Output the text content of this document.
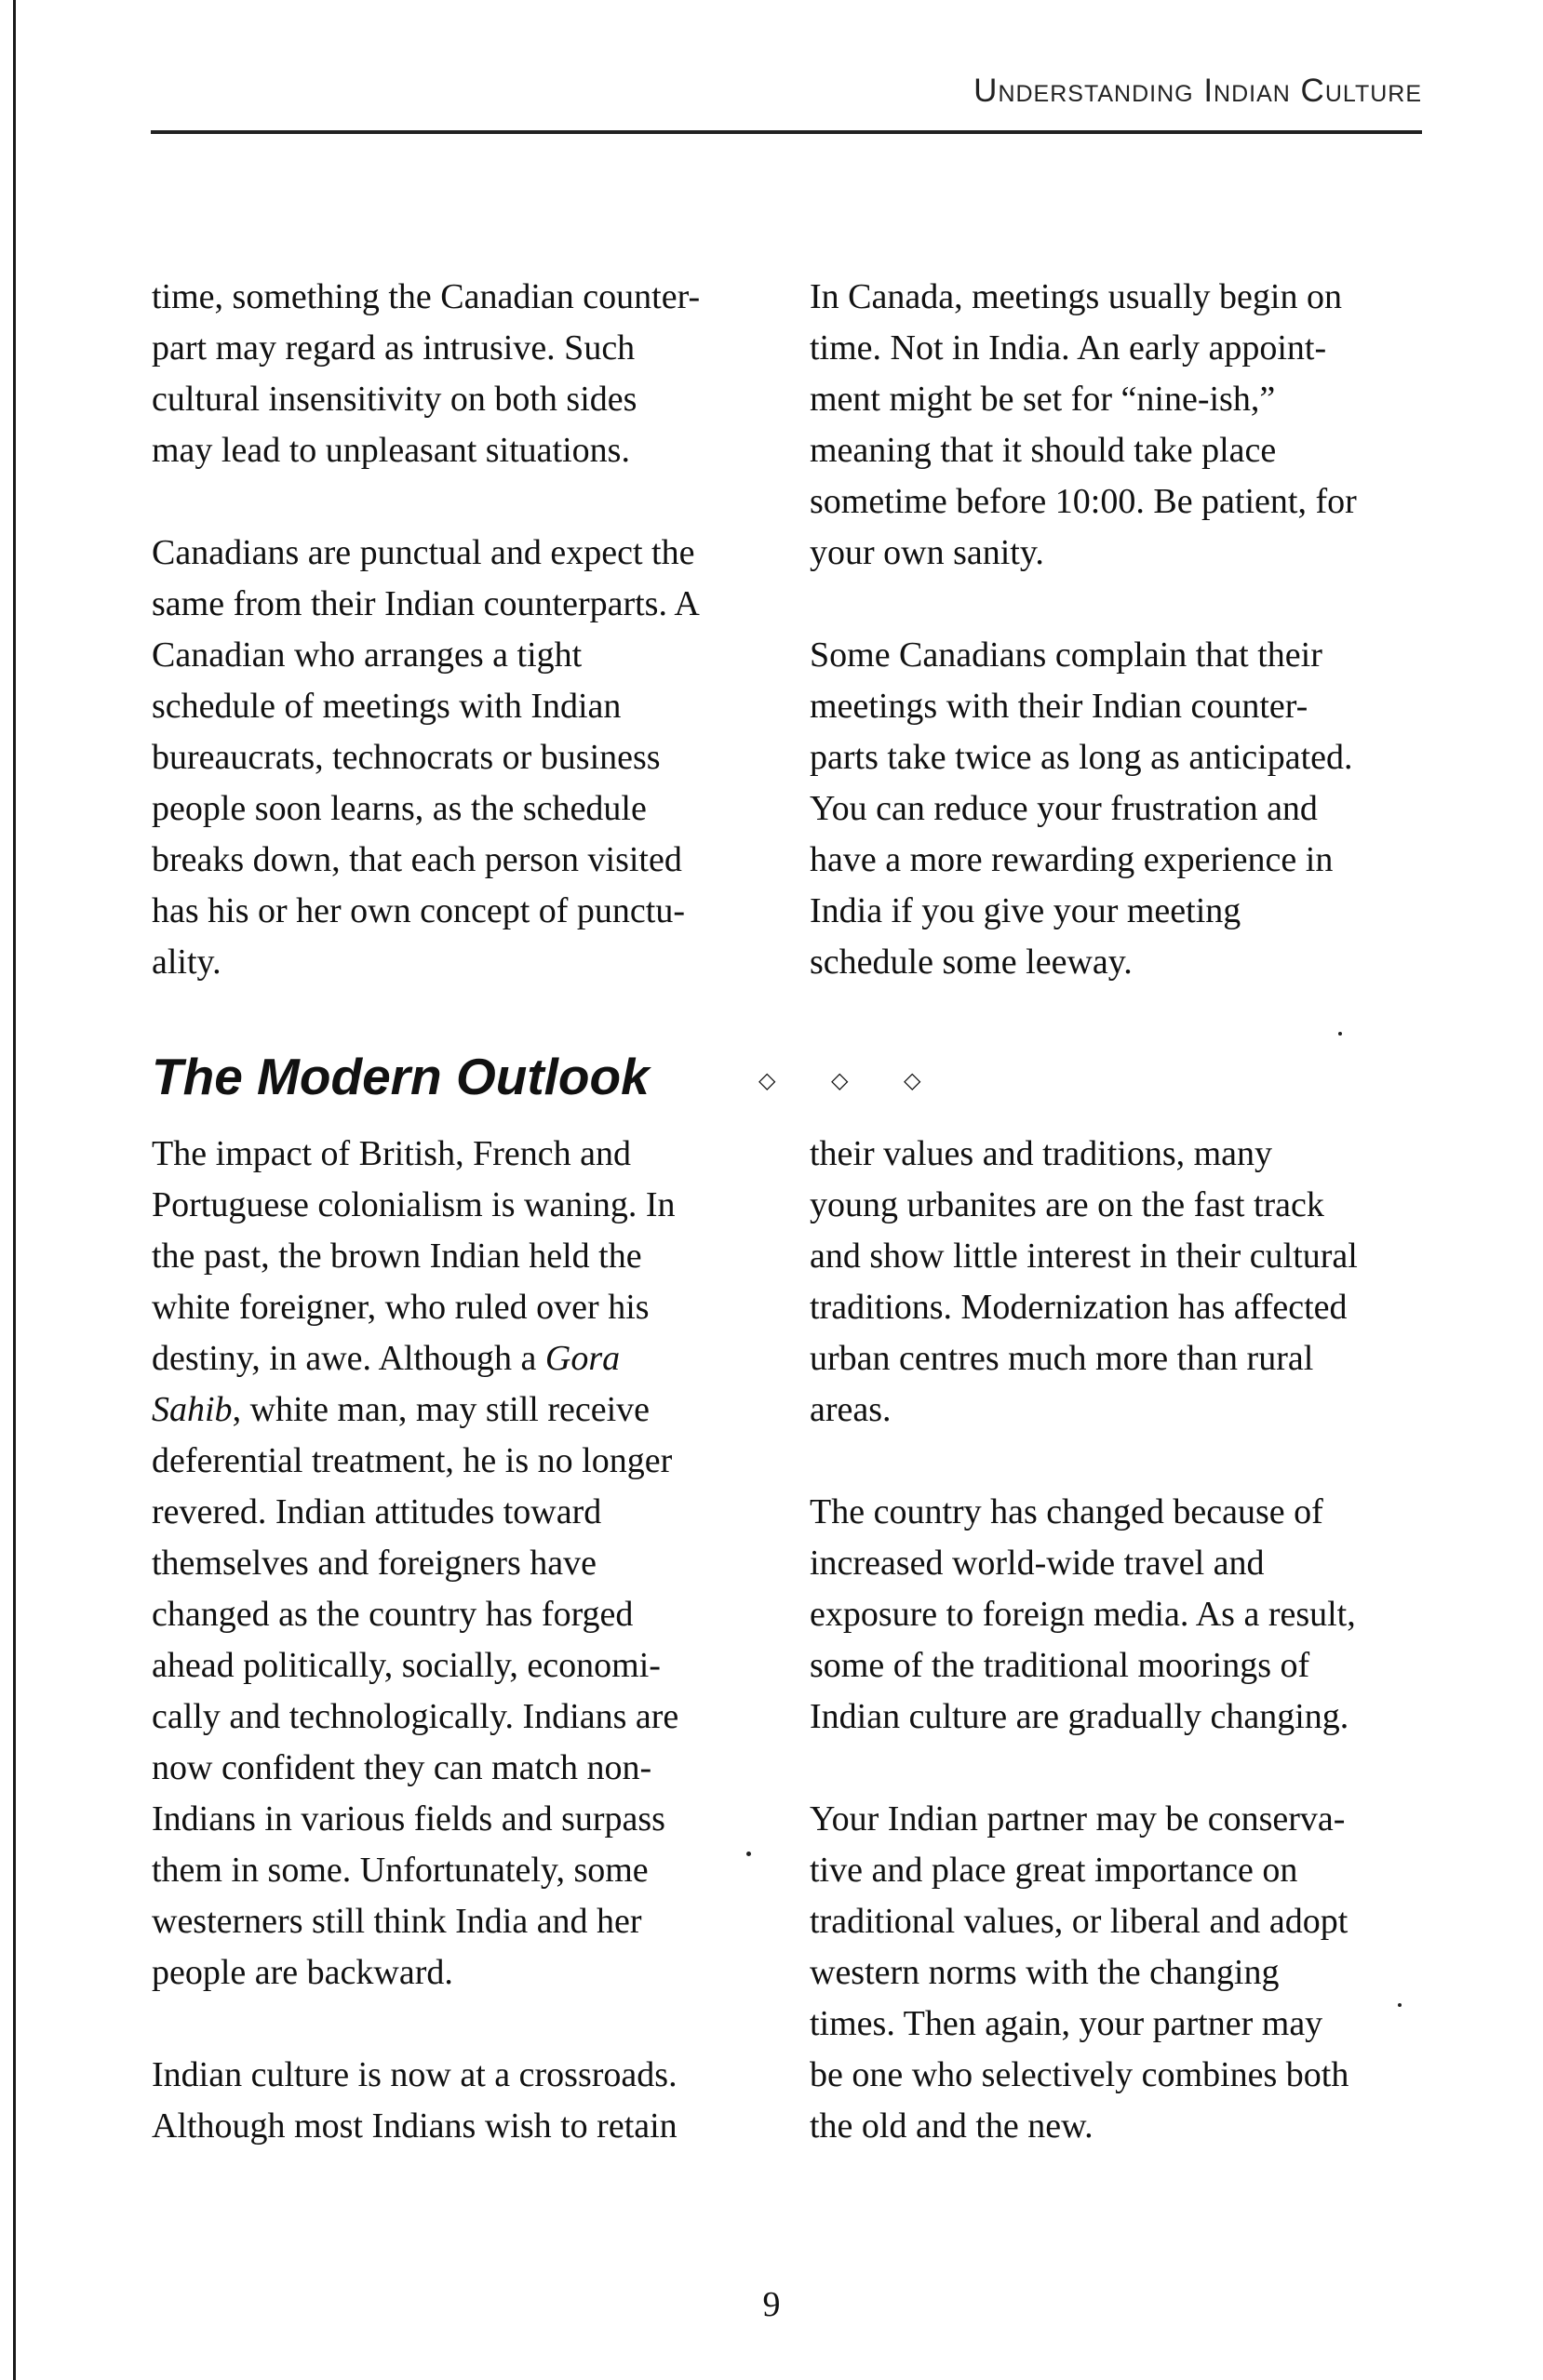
Understanding Indian Culture

time, something the Canadian counter-
part may regard as intrusive. Such
cultural insensitivity on both sides
may lead to unpleasant situations.

Canadians are punctual and expect the
same from their Indian counterparts. A
Canadian who arranges a tight
schedule of meetings with Indian
bureaucrats, technocrats or business
people soon learns, as the schedule
breaks down, that each person visited
has his or her own concept of punctu-
ality.

In Canada, meetings usually begin on
time. Not in India. An early appoint-
ment might be set for “nine-ish,”
meaning that it should take place
sometime before 10:00. Be patient, for
your own sanity.

Some Canadians complain that their
meetings with their Indian counter-
parts take twice as long as anticipated.
You can reduce your frustration and
have a more rewarding experience in
India if you give your meeting
schedule some leeway.

The Modern Outlook	◇ ◇ ◇

The impact of British, French and
Portuguese colonialism is waning. In
the past, the brown Indian held the
white foreigner, who ruled over his
destiny, in awe. Although a Gora
Sahib, white man, may still receive
deferential treatment, he is no longer
revered. Indian attitudes toward
themselves and foreigners have
changed as the country has forged
ahead politically, socially, economi-
cally and technologically. Indians are
now confident they can match non-
Indians in various fields and surpass
them in some. Unfortunately, some
westerners still think India and her
people are backward.

Indian culture is now at a crossroads.
Although most Indians wish to retain

their values and traditions, many
young urbanites are on the fast track
and show little interest in their cultural
traditions. Modernization has affected
urban centres much more than rural
areas.

The country has changed because of
increased world-wide travel and
exposure to foreign media. As a result,
some of the traditional moorings of
Indian culture are gradually changing.

Your Indian partner may be conserva-
tive and place great importance on
traditional values, or liberal and adopt
western norms with the changing
times. Then again, your partner may
be one who selectively combines both
the old and the new.

9
